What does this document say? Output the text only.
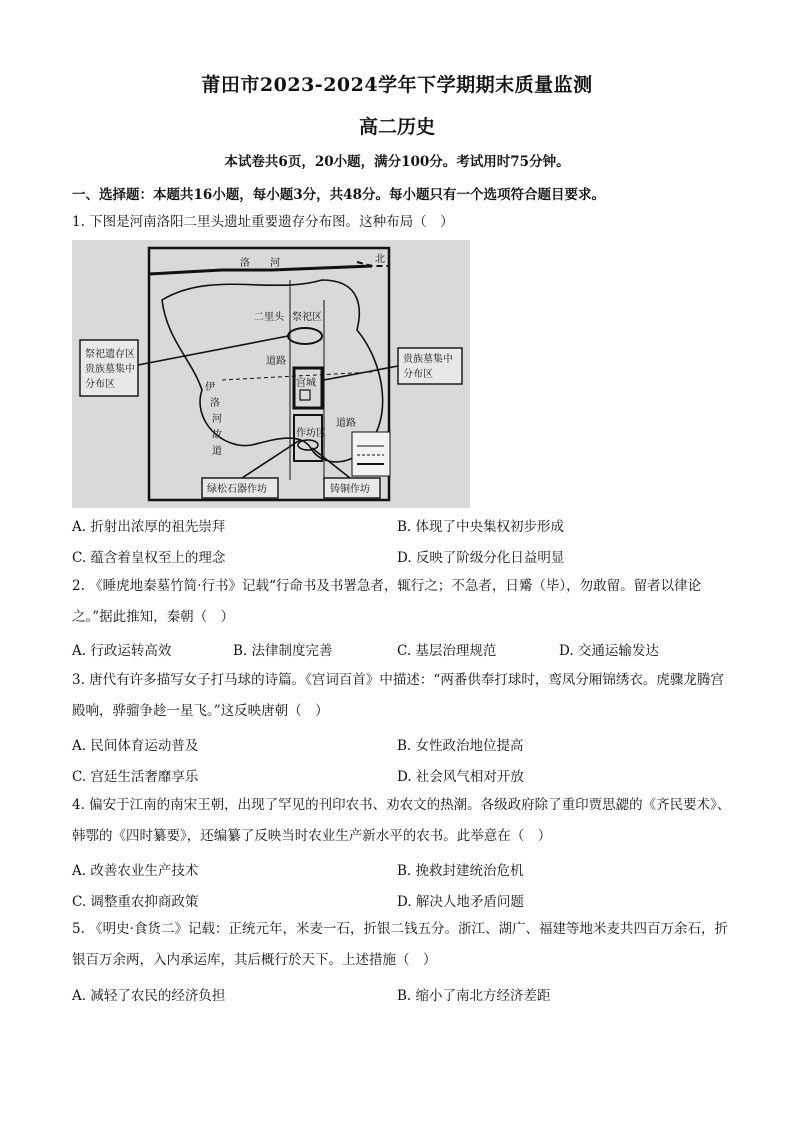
莆田市2023-2024学年下学期期末质量监测
高二历史
本试卷共6页，20小题，满分100分。考试用时75分钟。
一、选择题：本题共16小题，每小题3分，共48分。每小题只有一个选项符合题目要求。
1. 下图是河南洛阳二里头遗址重要遗存分布图。这种布局（　）
祭祀遗存区
贵族墓集中
分布区
贵族墓集中
分布区
绿松石器作坊	铸铜作坊
洛　　河	北
二里头 祭祀区
道路
宫城
道路
作坊区
伊
洛
河
故
道
A. 折射出浓厚的祖先崇拜	B. 体现了中央集权初步形成
C. 蕴含着皇权至上的理念	D. 反映了阶级分化日益明显
2. 《睡虎地秦墓竹简·行书》记载“行命书及书署急者，辄行之；不急者，日觱（毕），勿敢留。留者以律论之。”据此推知，秦朝（　）
A. 行政运转高效	B. 法律制度完善	C. 基层治理规范	D. 交通运输发达
3. 唐代有许多描写女子打马球的诗篇。《宫词百首》中描述：“两番供奉打球时，鸾凤分厢锦绣衣。虎骤龙腾宫殿响，骅骝争趁一星飞。”这反映唐朝（　）
A. 民间体育运动普及	B. 女性政治地位提高
C. 宫廷生活奢靡享乐	D. 社会风气相对开放
4. 偏安于江南的南宋王朝，出现了罕见的刊印农书、劝农文的热潮。各级政府除了重印贾思勰的《齐民要术》、韩鄂的《四时纂要》，还编纂了反映当时农业生产新水平的农书。此举意在（　）
A. 改善农业生产技术	B. 挽救封建统治危机
C. 调整重农抑商政策	D. 解决人地矛盾问题
5. 《明史·食货二》记载：正统元年，米麦一石，折银二钱五分。浙江、湖广、福建等地米麦共四百万余石，折银百万余两，入内承运库，其后概行於天下。上述措施（　）
A. 减轻了农民的经济负担	B. 缩小了南北方经济差距
